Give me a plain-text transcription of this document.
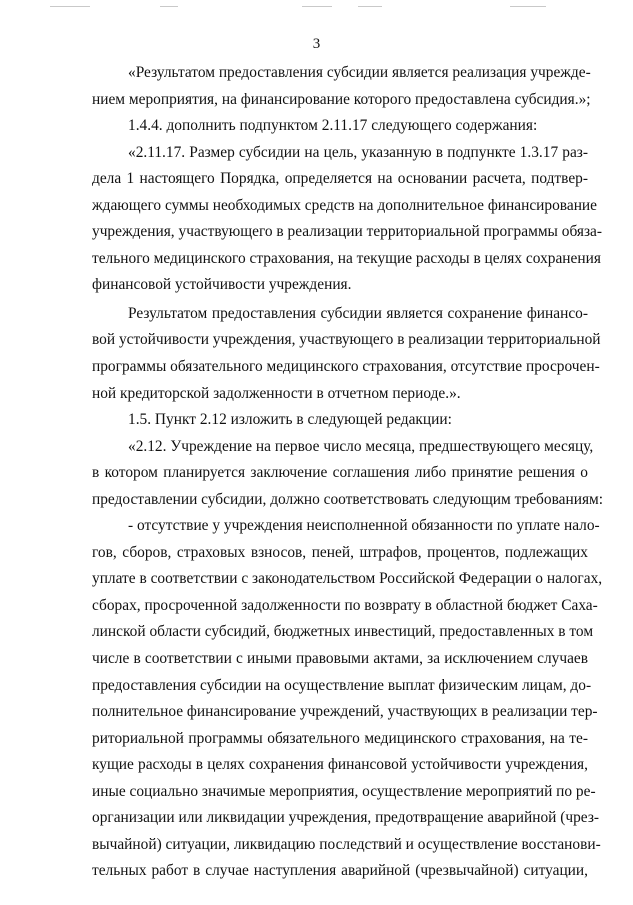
3
«Результатом предоставления субсидии является реализация учрежде-
нием мероприятия, на финансирование которого предоставлена субсидия.»;
1.4.4. дополнить подпунктом 2.11.17 следующего содержания:
«2.11.17. Размер субсидии на цель, указанную в подпункте 1.3.17 раз-
дела 1 настоящего Порядка, определяется на основании расчета, подтвер-
ждающего суммы необходимых средств на дополнительное финансирование
учреждения, участвующего в реализации территориальной программы обяза-
тельного медицинского страхования, на текущие расходы в целях сохранения
финансовой устойчивости учреждения.
Результатом предоставления субсидии является сохранение финансо-
вой устойчивости учреждения, участвующего в реализации территориальной
программы обязательного медицинского страхования, отсутствие просрочен-
ной кредиторской задолженности в отчетном периоде.».
1.5. Пункт 2.12 изложить в следующей редакции:
«2.12. Учреждение на первое число месяца, предшествующего месяцу,
в котором планируется заключение соглашения либо принятие решения о
предоставлении субсидии, должно соответствовать следующим требованиям:
- отсутствие у учреждения неисполненной обязанности по уплате нало-
гов, сборов, страховых взносов, пеней, штрафов, процентов, подлежащих
уплате в соответствии с законодательством Российской Федерации о налогах,
сборах, просроченной задолженности по возврату в областной бюджет Саха-
линской области субсидий, бюджетных инвестиций, предоставленных в том
числе в соответствии с иными правовыми актами, за исключением случаев
предоставления субсидии на осуществление выплат физическим лицам, до-
полнительное финансирование учреждений, участвующих в реализации тер-
риториальной программы обязательного медицинского страхования, на те-
кущие расходы в целях сохранения финансовой устойчивости учреждения,
иные социально значимые мероприятия, осуществление мероприятий по ре-
организации или ликвидации учреждения, предотвращение аварийной (чрез-
вычайной) ситуации, ликвидацию последствий и осуществление восстанови-
тельных работ в случае наступления аварийной (чрезвычайной) ситуации,
